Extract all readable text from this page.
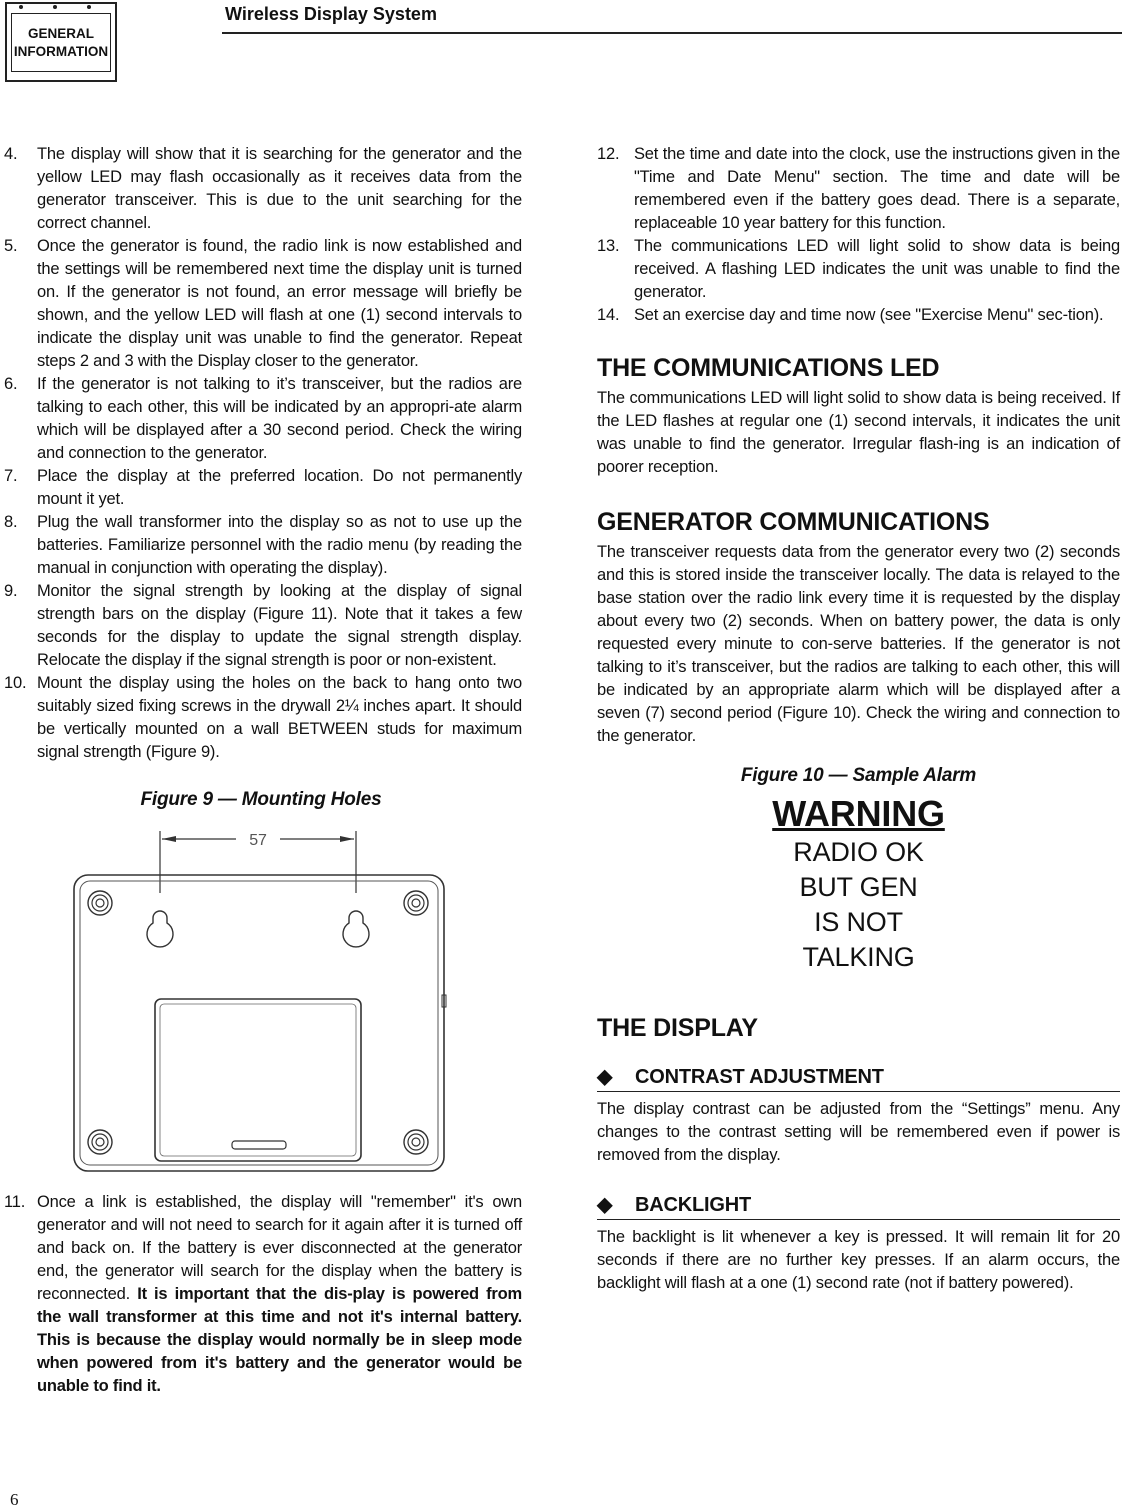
GENERAL
INFORMATION
Wireless Display System
4. The display will show that it is searching for the generator and the yellow LED may flash occasionally as it receives data from the generator transceiver. This is due to the unit searching for the correct channel.
5. Once the generator is found, the radio link is now established and the settings will be remembered next time the display unit is turned on. If the generator is not found, an error message will briefly be shown, and the yellow LED will flash at one (1) second intervals to indicate the display unit was unable to find the generator. Repeat steps 2 and 3 with the Display closer to the generator.
6. If the generator is not talking to it’s transceiver, but the radios are talking to each other, this will be indicated by an appropri-ate alarm which will be displayed after a 30 second period. Check the wiring and connection to the generator.
7. Place the display at the preferred location. Do not permanently mount it yet.
8. Plug the wall transformer into the display so as not to use up the batteries. Familiarize personnel with the radio menu (by reading the manual in conjunction with operating the display).
9. Monitor the signal strength by looking at the display of signal strength bars on the display (Figure 11). Note that it takes a few seconds for the display to update the signal strength display. Relocate the display if the signal strength is poor or non-existent.
10. Mount the display using the holes on the back to hang onto two suitably sized fixing screws in the drywall 2¼ inches apart. It should be vertically mounted on a wall BETWEEN studs for maximum signal strength (Figure 9).
Figure 9 — Mounting Holes
57
11. Once a link is established, the display will "remember" it's own generator and will not need to search for it again after it is turned off and back on. If the battery is ever disconnected at the generator end, the generator will search for the display when the battery is reconnected. It is important that the dis-play is powered from the wall transformer at this time and not it's internal battery. This is because the display would normally be in sleep mode when powered from it's battery and the generator would be unable to find it.
12. Set the time and date into the clock, use the instructions given in the "Time and Date Menu" section. The time and date will be remembered even if the battery goes dead. There is a separate, replaceable 10 year battery for this function.
13. The communications LED will light solid to show data is being received. A flashing LED indicates the unit was unable to find the generator.
14. Set an exercise day and time now (see "Exercise Menu" sec-tion).
THE COMMUNICATIONS LED

The communications LED will light solid to show data is being received. If the LED flashes at regular one (1) second intervals, it indicates the unit was unable to find the generator. Irregular flash-ing is an indication of poorer reception.

GENERATOR COMMUNICATIONS

The transceiver requests data from the generator every two (2) seconds and this is stored inside the transceiver locally. The data is relayed to the base station over the radio link every time it is requested by the display about every two (2) seconds. When on battery power, the data is only requested every minute to con-serve batteries. If the generator is not talking to it’s transceiver, but the radios are talking to each other, this will be indicated by an appropriate alarm which will be displayed after a seven (7) second period (Figure 10). Check the wiring and connection to the generator.

Figure 10 — Sample Alarm
WARNING
RADIO OK
BUT GEN
IS NOT
TALKING
THE DISPLAY
◆	CONTRAST ADJUSTMENT

The display contrast can be adjusted from the “Settings” menu. Any changes to the contrast setting will be remembered even if power is removed from the display.

◆	BACKLIGHT

The backlight is lit whenever a key is pressed. It will remain lit for 20 seconds if there are no further key presses. If an alarm occurs, the backlight will flash at a one (1) second rate (not if battery powered).

6
